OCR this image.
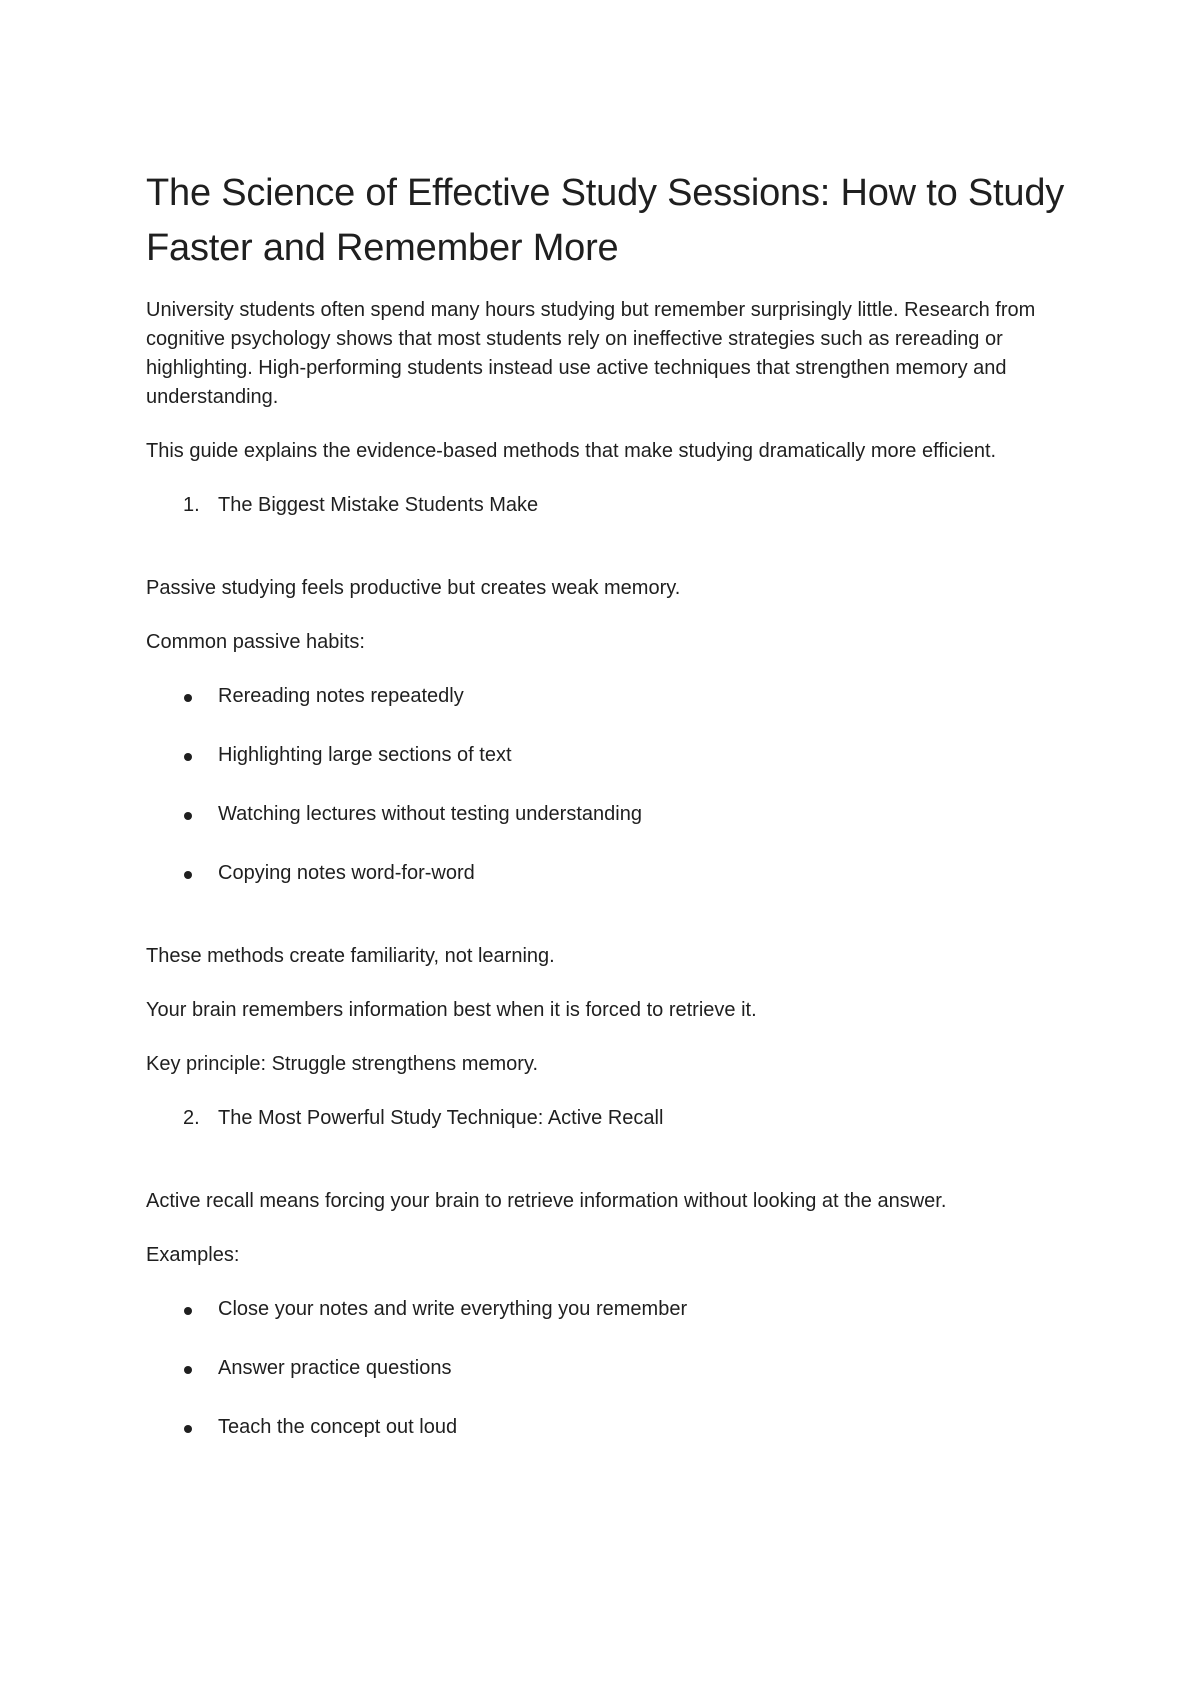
The Science of Effective Study Sessions: How to Study Faster and Remember More

University students often spend many hours studying but remember surprisingly little. Research from cognitive psychology shows that most students rely on ineffective strategies such as rereading or highlighting. High-performing students instead use active techniques that strengthen memory and understanding.

This guide explains the evidence-based methods that make studying dramatically more efficient.

1. The Biggest Mistake Students Make

Passive studying feels productive but creates weak memory.

Common passive habits:

Rereading notes repeatedly
Highlighting large sections of text
Watching lectures without testing understanding
Copying notes word-for-word

These methods create familiarity, not learning.

Your brain remembers information best when it is forced to retrieve it.

Key principle: Struggle strengthens memory.

2. The Most Powerful Study Technique: Active Recall

Active recall means forcing your brain to retrieve information without looking at the answer.

Examples:

Close your notes and write everything you remember
Answer practice questions
Teach the concept out loud
